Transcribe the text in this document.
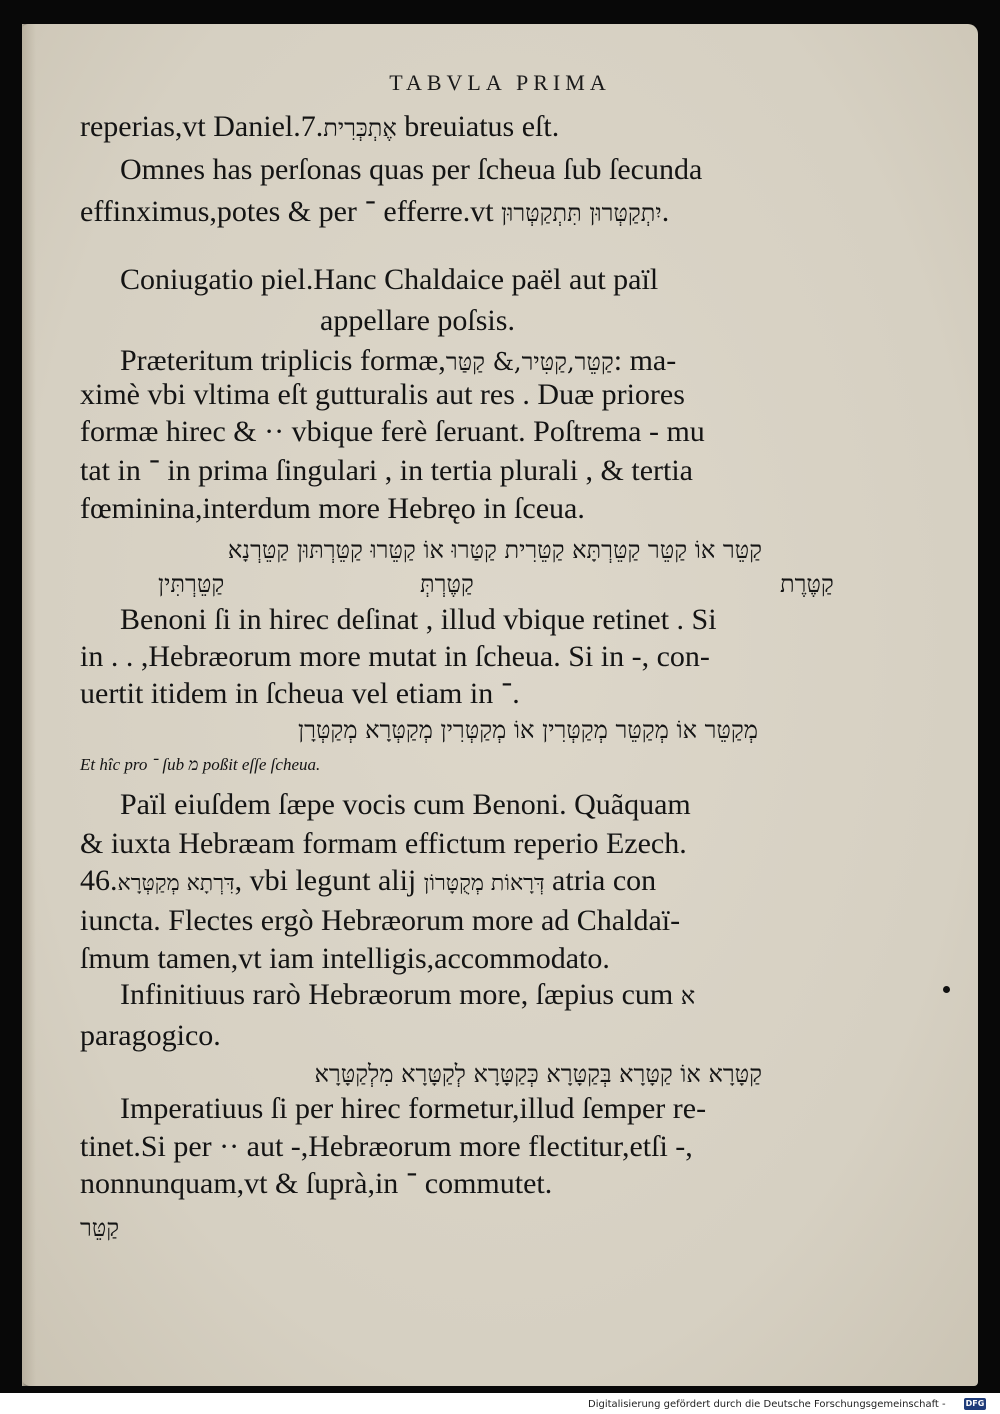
TABVLA PRIMA
reperias,vt Daniel.7.אֶתְכְּרִית breuiatus eſt.
Omnes has perſonas quas per ſcheua ſub ſecunda
effinximus,potes & per ־ efferre.vt יִתְקַטְּרוּן תִּתְקַטְּרוּן.
Coniugatio piel.Hanc Chaldaice paël aut païl
appellare poſsis.
Præteritum triplicis formæ,קַטֵּר,קַטִּיר,& קַטַּר: ma-
ximè vbi vltima eſt gutturalis aut res . Duæ priores
formæ hirec & ·· vbique ferè ſeruant. Poſtrema - mu
tat in ־ in prima ſingulari , in tertia plurali , & tertia
fœminina,interdum more Hebręo in ſceua.
קַטֵּר אוֹ קַטֵּר קַטֵּרְתָּא קַטֵּרִית קַטַּרוּ אוֹ קַטֵּרוּ קַטֵּרְתּוּן קַטֵּרְנָא
קַטֶּרֶת
קַטֶּרְתְּ
קַטֵּרְתִּין
Benoni ſi in hirec deſinat , illud vbique retinet . Si
in . . ,Hebræorum more mutat in ſcheua. Si in -, con-
uertit itidem in ſcheua vel etiam in ־.
מְקַטֵּר אוֹ מְקַטֵּר מְקַטְּרִין אוֹ מְקַטְּרִין מְקַטְּרָא מְקַטְּרָן
Et hîc pro ־ ſub מ poßit eſſe ſcheua.
Païl eiuſdem ſæpe vocis cum Benoni. Quãquam
& iuxta Hebræam formam effictum reperio Ezech.
46.דִּרְתָא מְקַטְּרָא, vbi legunt alij דְּרָאוֹת מְקֻטָּרוֹן atria con
iuncta. Flectes ergò Hebræorum more ad Chaldaï-
ſmum tamen,vt iam intelligis,accommodato.
Infinitiuus rarò Hebræorum more, ſæpius cum א
paragogico.
קַטָּרָא אוֹ קַטָּרָא בְּקַטָּרָא כְּקַטָּרָא לְקַטָּרָא מִלְקַטָּרָא
Imperatiuus ſi per hirec formetur,illud ſemper re-
tinet.Si per ·· aut -,Hebræorum more flectitur,etſi -,
nonnunquam,vt & ſuprà,in ־ commutet.
קַטֵּר
Digitalisierung gefördert durch die Deutsche Forschungsgemeinschaft -	DFG
